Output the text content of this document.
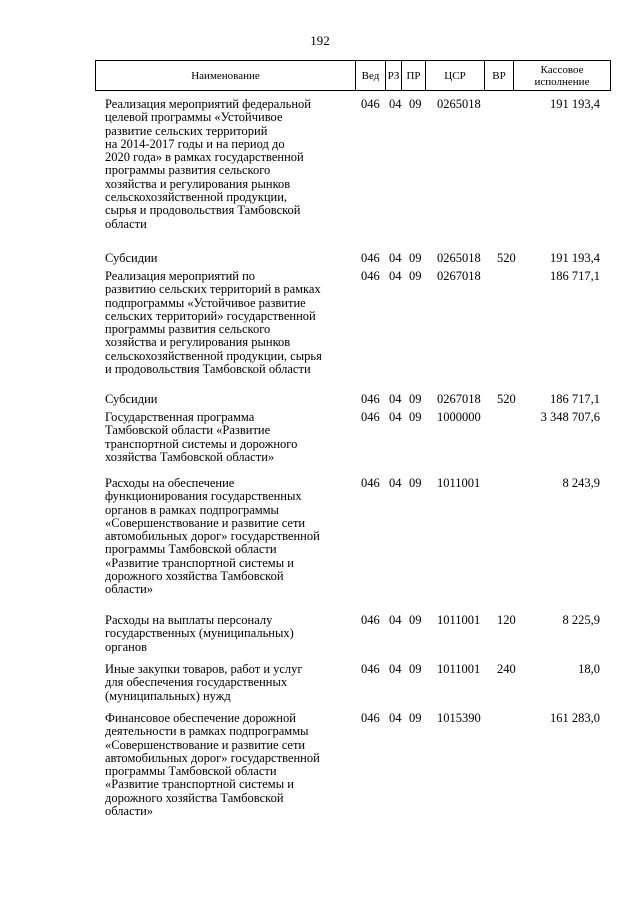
192
Наименование	Вед РЗ ПР	ЦСР	ВР	Кассовое исполнение
Реализация мероприятий федеральной
целевой программы «Устойчивое
развитие сельских территорий
на 2014-2017 годы и на период до
2020 года» в рамках государственной
программы развития сельского
хозяйства и регулирования рынков
сельскохозяйственной продукции,
сырья и продовольствия Тамбовской
области
046 04 09 0265018	191 193,4
Субсидии	046 04 09 0265018	520	191 193,4
Реализация мероприятий по
развитию сельских территорий в рамках
подпрограммы «Устойчивое развитие
сельских территорий» государственной
программы развития сельского
хозяйства и регулирования рынков
сельскохозяйственной продукции, сырья
и продовольствия Тамбовской области
046 04 09 0267018	186 717,1
Субсидии	046 04 09 0267018	520	186 717,1
Государственная программа
Тамбовской области «Развитие
транспортной системы и дорожного
хозяйства Тамбовской области»
046 04 09 1000000	3 348 707,6
Расходы на обеспечение
функционирования государственных
органов в рамках подпрограммы
«Совершенствование и развитие сети
автомобильных дорог» государственной
программы Тамбовской области
«Развитие транспортной системы и
дорожного хозяйства Тамбовской
области»
046 04 09 1011001	8 243,9
Расходы на выплаты персоналу
государственных (муниципальных)
органов
046 04 09 1011001	120	8 225,9
Иные закупки товаров, работ и услуг
для обеспечения государственных
(муниципальных) нужд
046 04 09 1011001	240	18,0
Финансовое обеспечение дорожной
деятельности в рамках подпрограммы
«Совершенствование и развитие сети
автомобильных дорог» государственной
программы Тамбовской области
«Развитие транспортной системы и
дорожного хозяйства Тамбовской
области»
046 04 09 1015390	161 283,0
